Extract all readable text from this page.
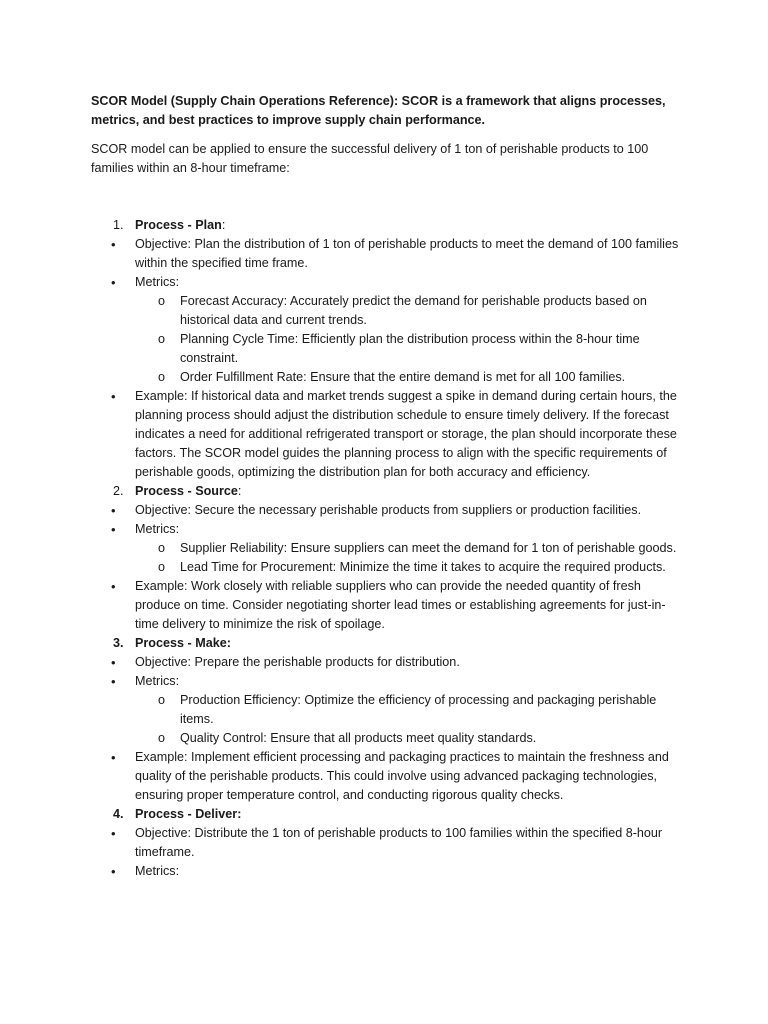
SCOR Model (Supply Chain Operations Reference): SCOR is a framework that aligns processes, metrics, and best practices to improve supply chain performance.

SCOR model can be applied to ensure the successful delivery of 1 ton of perishable products to 100 families within an 8-hour timeframe:

1. Process - Plan:

• Objective: Plan the distribution of 1 ton of perishable products to meet the demand of 100 families within the specified time frame.

• Metrics:

o Forecast Accuracy: Accurately predict the demand for perishable products based on historical data and current trends.

o Planning Cycle Time: Efficiently plan the distribution process within the 8-hour time constraint.

o Order Fulfillment Rate: Ensure that the entire demand is met for all 100 families.

• Example: If historical data and market trends suggest a spike in demand during certain hours, the planning process should adjust the distribution schedule to ensure timely delivery. If the forecast indicates a need for additional refrigerated transport or storage, the plan should incorporate these factors. The SCOR model guides the planning process to align with the specific requirements of perishable goods, optimizing the distribution plan for both accuracy and efficiency.

2. Process - Source:

• Objective: Secure the necessary perishable products from suppliers or production facilities.

• Metrics:

o Supplier Reliability: Ensure suppliers can meet the demand for 1 ton of perishable goods.

o Lead Time for Procurement: Minimize the time it takes to acquire the required products.

• Example: Work closely with reliable suppliers who can provide the needed quantity of fresh produce on time. Consider negotiating shorter lead times or establishing agreements for just-in-time delivery to minimize the risk of spoilage.

3. Process - Make:

• Objective: Prepare the perishable products for distribution.

• Metrics:

o Production Efficiency: Optimize the efficiency of processing and packaging perishable items.

o Quality Control: Ensure that all products meet quality standards.

• Example: Implement efficient processing and packaging practices to maintain the freshness and quality of the perishable products. This could involve using advanced packaging technologies, ensuring proper temperature control, and conducting rigorous quality checks.

4. Process - Deliver:

• Objective: Distribute the 1 ton of perishable products to 100 families within the specified 8-hour timeframe.

• Metrics:
